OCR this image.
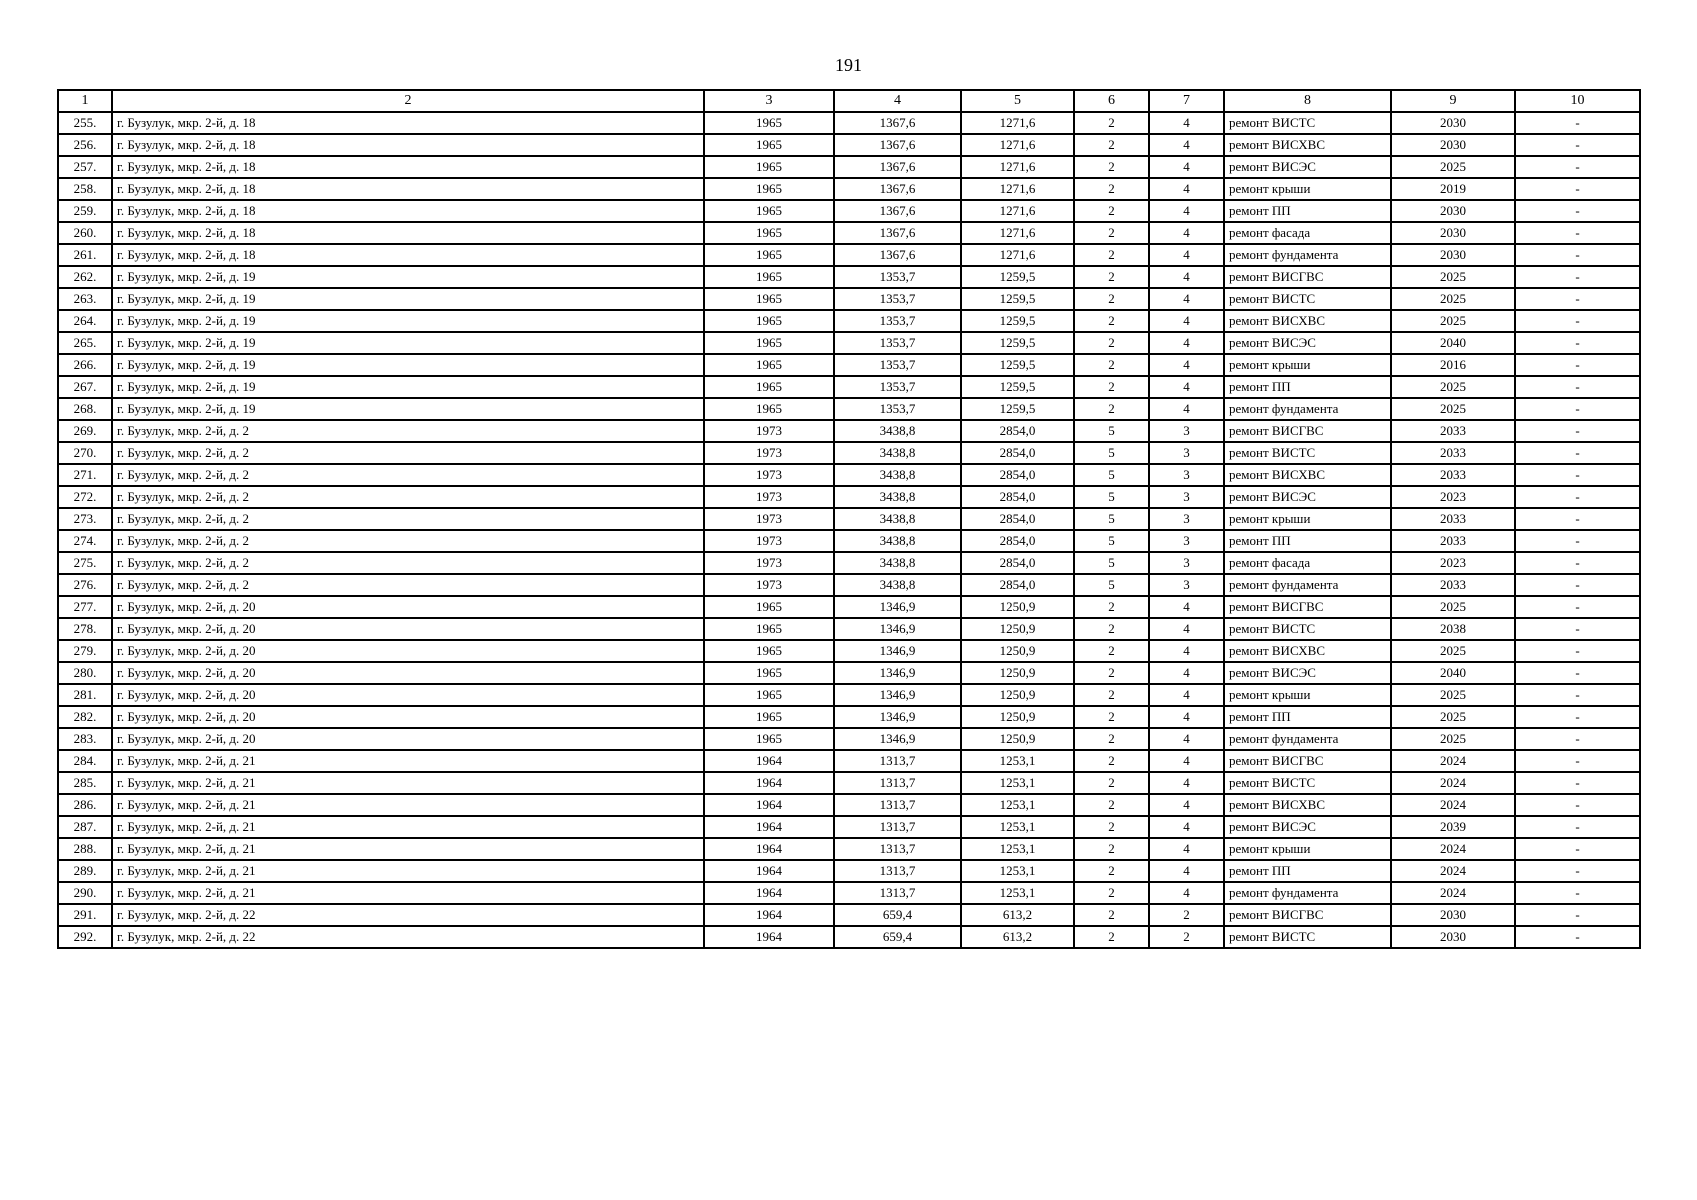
191
1	2	3	4	5	6	7	8	9	10
255.	г. Бузулук, мкр. 2-й, д. 18	1965	1367,6	1271,6	2	4	ремонт ВИСТС	2030	-
256.	г. Бузулук, мкр. 2-й, д. 18	1965	1367,6	1271,6	2	4	ремонт ВИСХВС	2030	-
257.	г. Бузулук, мкр. 2-й, д. 18	1965	1367,6	1271,6	2	4	ремонт ВИСЭС	2025	-
258.	г. Бузулук, мкр. 2-й, д. 18	1965	1367,6	1271,6	2	4	ремонт крыши	2019	-
259.	г. Бузулук, мкр. 2-й, д. 18	1965	1367,6	1271,6	2	4	ремонт ПП	2030	-
260.	г. Бузулук, мкр. 2-й, д. 18	1965	1367,6	1271,6	2	4	ремонт фасада	2030	-
261.	г. Бузулук, мкр. 2-й, д. 18	1965	1367,6	1271,6	2	4	ремонт фундамента	2030	-
262.	г. Бузулук, мкр. 2-й, д. 19	1965	1353,7	1259,5	2	4	ремонт ВИСГВС	2025	-
263.	г. Бузулук, мкр. 2-й, д. 19	1965	1353,7	1259,5	2	4	ремонт ВИСТС	2025	-
264.	г. Бузулук, мкр. 2-й, д. 19	1965	1353,7	1259,5	2	4	ремонт ВИСХВС	2025	-
265.	г. Бузулук, мкр. 2-й, д. 19	1965	1353,7	1259,5	2	4	ремонт ВИСЭС	2040	-
266.	г. Бузулук, мкр. 2-й, д. 19	1965	1353,7	1259,5	2	4	ремонт крыши	2016	-
267.	г. Бузулук, мкр. 2-й, д. 19	1965	1353,7	1259,5	2	4	ремонт ПП	2025	-
268.	г. Бузулук, мкр. 2-й, д. 19	1965	1353,7	1259,5	2	4	ремонт фундамента	2025	-
269.	г. Бузулук, мкр. 2-й, д. 2	1973	3438,8	2854,0	5	3	ремонт ВИСГВС	2033	-
270.	г. Бузулук, мкр. 2-й, д. 2	1973	3438,8	2854,0	5	3	ремонт ВИСТС	2033	-
271.	г. Бузулук, мкр. 2-й, д. 2	1973	3438,8	2854,0	5	3	ремонт ВИСХВС	2033	-
272.	г. Бузулук, мкр. 2-й, д. 2	1973	3438,8	2854,0	5	3	ремонт ВИСЭС	2023	-
273.	г. Бузулук, мкр. 2-й, д. 2	1973	3438,8	2854,0	5	3	ремонт крыши	2033	-
274.	г. Бузулук, мкр. 2-й, д. 2	1973	3438,8	2854,0	5	3	ремонт ПП	2033	-
275.	г. Бузулук, мкр. 2-й, д. 2	1973	3438,8	2854,0	5	3	ремонт фасада	2023	-
276.	г. Бузулук, мкр. 2-й, д. 2	1973	3438,8	2854,0	5	3	ремонт фундамента	2033	-
277.	г. Бузулук, мкр. 2-й, д. 20	1965	1346,9	1250,9	2	4	ремонт ВИСГВС	2025	-
278.	г. Бузулук, мкр. 2-й, д. 20	1965	1346,9	1250,9	2	4	ремонт ВИСТС	2038	-
279.	г. Бузулук, мкр. 2-й, д. 20	1965	1346,9	1250,9	2	4	ремонт ВИСХВС	2025	-
280.	г. Бузулук, мкр. 2-й, д. 20	1965	1346,9	1250,9	2	4	ремонт ВИСЭС	2040	-
281.	г. Бузулук, мкр. 2-й, д. 20	1965	1346,9	1250,9	2	4	ремонт крыши	2025	-
282.	г. Бузулук, мкр. 2-й, д. 20	1965	1346,9	1250,9	2	4	ремонт ПП	2025	-
283.	г. Бузулук, мкр. 2-й, д. 20	1965	1346,9	1250,9	2	4	ремонт фундамента	2025	-
284.	г. Бузулук, мкр. 2-й, д. 21	1964	1313,7	1253,1	2	4	ремонт ВИСГВС	2024	-
285.	г. Бузулук, мкр. 2-й, д. 21	1964	1313,7	1253,1	2	4	ремонт ВИСТС	2024	-
286.	г. Бузулук, мкр. 2-й, д. 21	1964	1313,7	1253,1	2	4	ремонт ВИСХВС	2024	-
287.	г. Бузулук, мкр. 2-й, д. 21	1964	1313,7	1253,1	2	4	ремонт ВИСЭС	2039	-
288.	г. Бузулук, мкр. 2-й, д. 21	1964	1313,7	1253,1	2	4	ремонт крыши	2024	-
289.	г. Бузулук, мкр. 2-й, д. 21	1964	1313,7	1253,1	2	4	ремонт ПП	2024	-
290.	г. Бузулук, мкр. 2-й, д. 21	1964	1313,7	1253,1	2	4	ремонт фундамента	2024	-
291.	г. Бузулук, мкр. 2-й, д. 22	1964	659,4	613,2	2	2	ремонт ВИСГВС	2030	-
292.	г. Бузулук, мкр. 2-й, д. 22	1964	659,4	613,2	2	2	ремонт ВИСТС	2030	-
